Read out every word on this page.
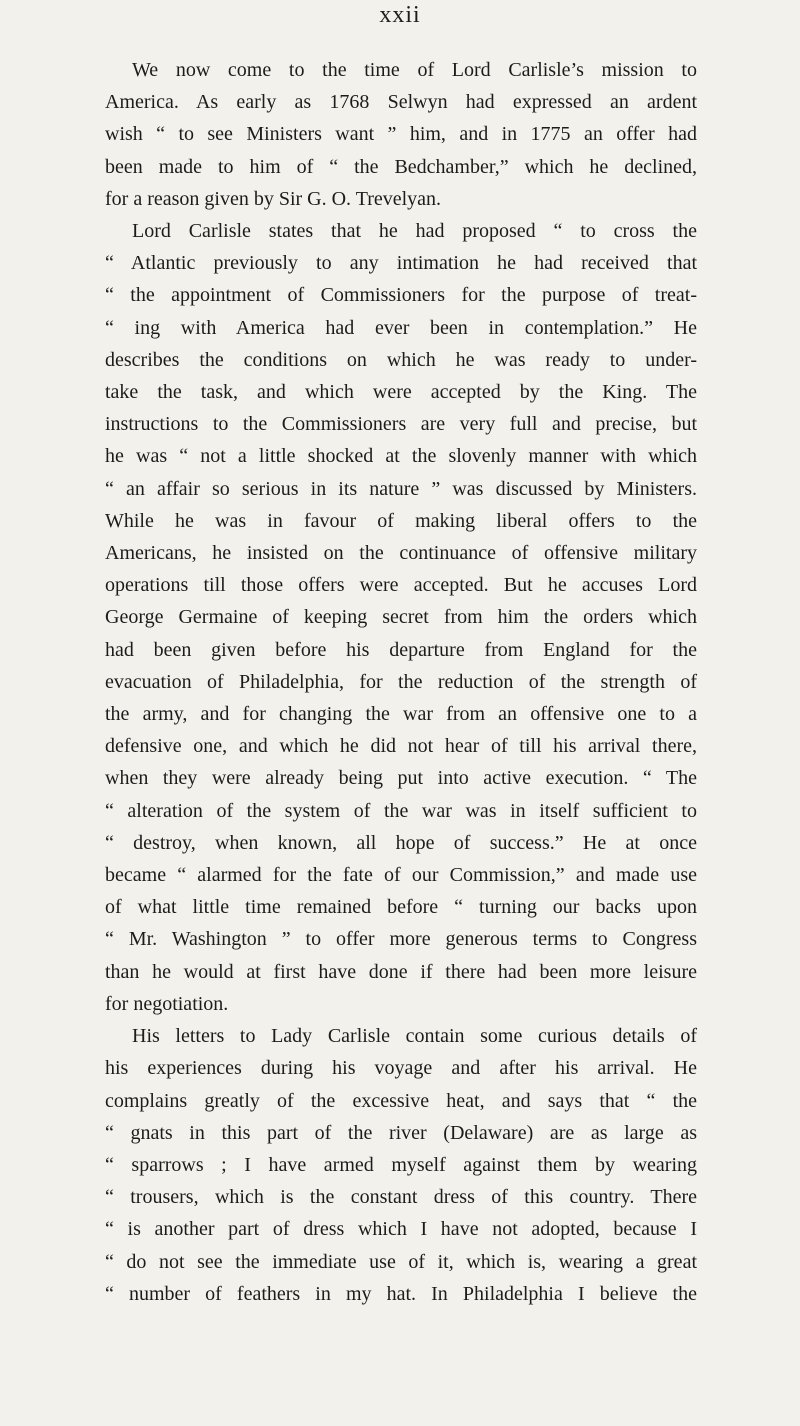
xxii

We now come to the time of Lord Carlisle’s mission to
America. As early as 1768 Selwyn had expressed an ardent
wish “ to see Ministers want ” him, and in 1775 an offer had
been made to him of “ the Bedchamber,” which he declined,
for a reason given by Sir G. O. Trevelyan.

Lord Carlisle states that he had proposed “ to cross the
“ Atlantic previously to any intimation he had received that
“ the appointment of Commissioners for the purpose of treat-
“ ing with America had ever been in contemplation.” He
describes the conditions on which he was ready to under-
take the task, and which were accepted by the King. The
instructions to the Commissioners are very full and precise, but
he was “ not a little shocked at the slovenly manner with which
“ an affair so serious in its nature ” was discussed by Ministers.
While he was in favour of making liberal offers to the
Americans, he insisted on the continuance of offensive military
operations till those offers were accepted. But he accuses Lord
George Germaine of keeping secret from him the orders which
had been given before his departure from England for the
evacuation of Philadelphia, for the reduction of the strength of
the army, and for changing the war from an offensive one to a
defensive one, and which he did not hear of till his arrival there,
when they were already being put into active execution. “ The
“ alteration of the system of the war was in itself sufficient to
“ destroy, when known, all hope of success.” He at once
became “ alarmed for the fate of our Commission,” and made use
of what little time remained before “ turning our backs upon
“ Mr. Washington ” to offer more generous terms to Congress
than he would at first have done if there had been more leisure
for negotiation.

His letters to Lady Carlisle contain some curious details of
his experiences during his voyage and after his arrival. He
complains greatly of the excessive heat, and says that “ the
“ gnats in this part of the river (Delaware) are as large as
“ sparrows ; I have armed myself against them by wearing
“ trousers, which is the constant dress of this country. There
“ is another part of dress which I have not adopted, because I
“ do not see the immediate use of it, which is, wearing a great
“ number of feathers in my hat. In Philadelphia I believe the
